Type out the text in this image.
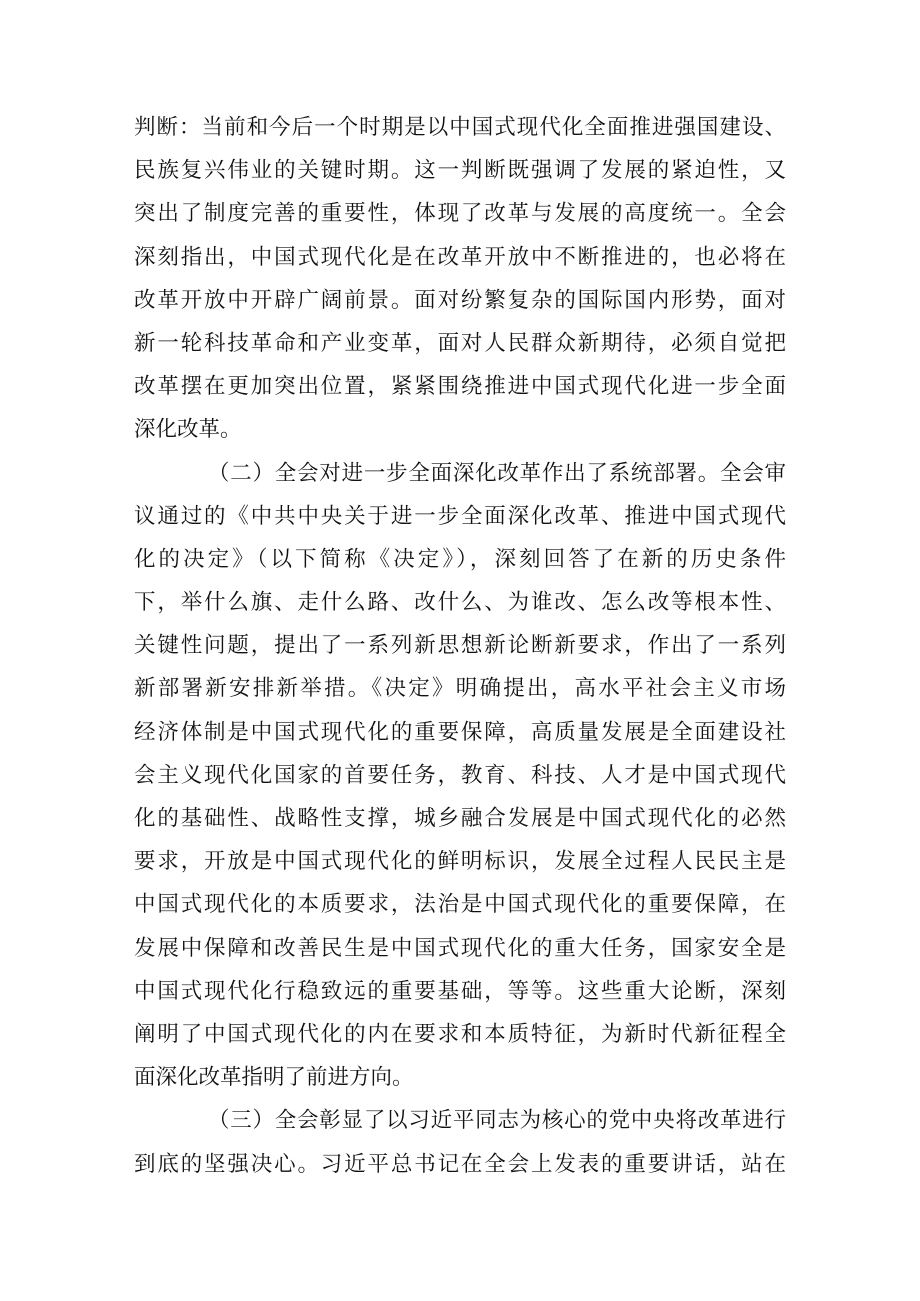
判断：当前和今后一个时期是以中国式现代化全面推进强国建设、
民族复兴伟业的关键时期。这一判断既强调了发展的紧迫性，又
突出了制度完善的重要性，体现了改革与发展的高度统一。全会
深刻指出，中国式现代化是在改革开放中不断推进的，也必将在
改革开放中开辟广阔前景。面对纷繁复杂的国际国内形势，面对
新一轮科技革命和产业变革，面对人民群众新期待，必须自觉把
改革摆在更加突出位置，紧紧围绕推进中国式现代化进一步全面
深化改革。
（二）全会对进一步全面深化改革作出了系统部署。全会审
议通过的《中共中央关于进一步全面深化改革、推进中国式现代
化的决定》（以下简称《决定》），深刻回答了在新的历史条件
下，举什么旗、走什么路、改什么、为谁改、怎么改等根本性、
关键性问题，提出了一系列新思想新论断新要求，作出了一系列
新部署新安排新举措。《决定》明确提出，高水平社会主义市场
经济体制是中国式现代化的重要保障，高质量发展是全面建设社
会主义现代化国家的首要任务，教育、科技、人才是中国式现代
化的基础性、战略性支撑，城乡融合发展是中国式现代化的必然
要求，开放是中国式现代化的鲜明标识，发展全过程人民民主是
中国式现代化的本质要求，法治是中国式现代化的重要保障，在
发展中保障和改善民生是中国式现代化的重大任务，国家安全是
中国式现代化行稳致远的重要基础，等等。这些重大论断，深刻
阐明了中国式现代化的内在要求和本质特征，为新时代新征程全
面深化改革指明了前进方向。
（三）全会彰显了以习近平同志为核心的党中央将改革进行
到底的坚强决心。习近平总书记在全会上发表的重要讲话，站在
